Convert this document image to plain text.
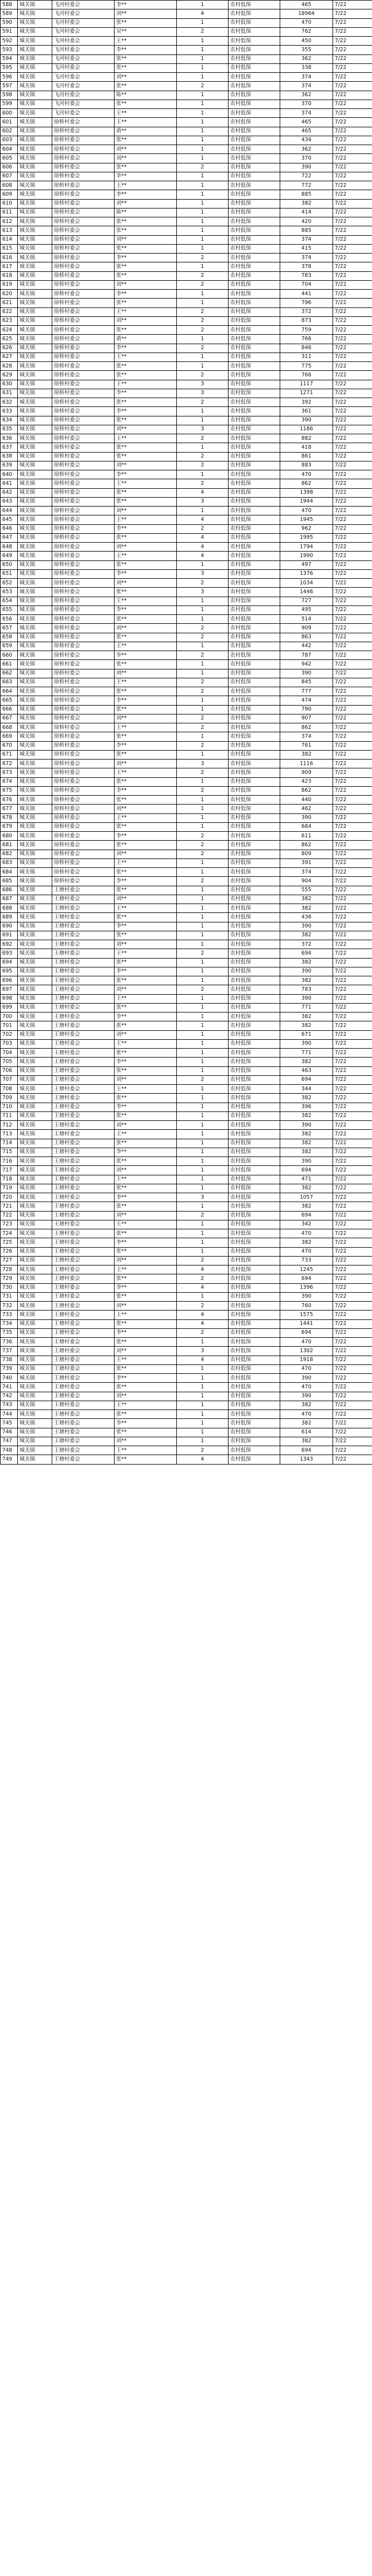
588	城关镇	飞河村委会	李**	1	农村低保	465	7/22
589	城关镇	飞河村委会	刘**	4	农村低保	18964	7/22
590	城关镇	飞河村委会	张**	1	农村低保	470	7/22
591	城关镇	飞河村委会	吴**	2	农村低保	762	7/22
592	城关镇	飞河村委会	王**	1	农村低保	450	7/22
593	城关镇	飞河村委会	李**	1	农村低保	355	7/22
594	城关镇	飞河村委会	张**	1	农村低保	362	7/22
595	城关镇	飞河村委会	张**	1	农村低保	338	7/22
596	城关镇	飞河村委会	刘**	1	农村低保	374	7/22
597	城关镇	飞河村委会	张**	2	农村低保	374	7/22
598	城关镇	飞河村委会	陈**	1	农村低保	362	7/22
599	城关镇	飞河村委会	张**	1	农村低保	370	7/22
600	城关镇	飞河村委会	王**	1	农村低保	374	7/22
601	城关镇	徐桥村委会	王**	1	农村低保	465	7/22
602	城关镇	徐桥村委会	黄**	1	农村低保	465	7/22
603	城关镇	徐桥村委会	张**	1	农村低保	434	7/22
604	城关镇	徐桥村委会	刘**	1	农村低保	362	7/22
605	城关镇	徐桥村委会	刘**	1	农村低保	370	7/22
606	城关镇	徐桥村委会	张**	2	农村低保	390	7/22
607	城关镇	徐桥村委会	李**	1	农村低保	722	7/22
608	城关镇	徐桥村委会	王**	1	农村低保	772	7/22
609	城关镇	徐桥村委会	李**	1	农村低保	885	7/22
610	城关镇	徐桥村委会	刘**	1	农村低保	382	7/22
611	城关镇	徐桥村委会	陈**	1	农村低保	414	7/22
612	城关镇	徐桥村委会	张**	1	农村低保	420	7/22
613	城关镇	徐桥村委会	张**	1	农村低保	885	7/22
614	城关镇	徐桥村委会	刘**	1	农村低保	374	7/22
615	城关镇	徐桥村委会	张**	1	农村低保	415	7/22
616	城关镇	徐桥村委会	李**	2	农村低保	374	7/22
617	城关镇	徐桥村委会	张**	1	农村低保	378	7/22
618	城关镇	徐桥村委会	张**	2	农村低保	783	7/22
619	城关镇	徐桥村委会	刘**	2	农村低保	704	7/22
620	城关镇	徐桥村委会	李**	1	农村低保	441	7/22
621	城关镇	徐桥村委会	张**	1	农村低保	796	7/22
622	城关镇	徐桥村委会	王**	2	农村低保	372	7/22
623	城关镇	徐桥村委会	刘**	2	农村低保	873	7/22
624	城关镇	徐桥村委会	张**	2	农村低保	759	7/22
625	城关镇	徐桥村委会	黄**	1	农村低保	766	7/22
626	城关镇	徐桥村委会	李**	2	农村低保	846	7/22
627	城关镇	徐桥村委会	王**	1	农村低保	311	7/22
628	城关镇	徐桥村委会	张**	1	农村低保	775	7/22
629	城关镇	徐桥村委会	张**	2	农村低保	766	7/22
630	城关镇	徐桥村委会	王**	3	农村低保	1117	7/22
631	城关镇	徐桥村委会	李**	3	农村低保	1271	7/22
632	城关镇	徐桥村委会	张**	2	农村低保	392	7/22
633	城关镇	徐桥村委会	李**	1	农村低保	361	7/22
634	城关镇	徐桥村委会	张**	1	农村低保	390	7/22
635	城关镇	徐桥村委会	刘**	3	农村低保	1186	7/22
636	城关镇	徐桥村委会	王**	2	农村低保	882	7/22
637	城关镇	徐桥村委会	张**	1	农村低保	418	7/22
638	城关镇	徐桥村委会	张**	2	农村低保	861	7/22
639	城关镇	徐桥村委会	刘**	2	农村低保	883	7/22
640	城关镇	徐桥村委会	李**	1	农村低保	470	7/22
641	城关镇	徐桥村委会	王**	2	农村低保	862	7/22
642	城关镇	徐桥村委会	张**	4	农村低保	1398	7/22
643	城关镇	徐桥村委会	张**	3	农村低保	1944	7/22
644	城关镇	徐桥村委会	刘**	1	农村低保	470	7/22
645	城关镇	徐桥村委会	王**	4	农村低保	1945	7/22
646	城关镇	徐桥村委会	李**	2	农村低保	962	7/22
647	城关镇	徐桥村委会	张**	4	农村低保	1995	7/22
648	城关镇	徐桥村委会	刘**	4	农村低保	1794	7/22
649	城关镇	徐桥村委会	王**	4	农村低保	1990	7/22
650	城关镇	徐桥村委会	张**	1	农村低保	497	7/22
651	城关镇	徐桥村委会	李**	3	农村低保	1376	7/22
652	城关镇	徐桥村委会	刘**	2	农村低保	1034	7/22
653	城关镇	徐桥村委会	张**	3	农村低保	1446	7/22
654	城关镇	徐桥村委会	王**	1	农村低保	727	7/22
655	城关镇	徐桥村委会	李**	1	农村低保	495	7/22
656	城关镇	徐桥村委会	张**	1	农村低保	514	7/22
657	城关镇	徐桥村委会	刘**	2	农村低保	909	7/22
658	城关镇	徐桥村委会	张**	2	农村低保	863	7/22
659	城关镇	徐桥村委会	王**	1	农村低保	442	7/22
660	城关镇	徐桥村委会	李**	2	农村低保	787	7/22
661	城关镇	徐桥村委会	张**	1	农村低保	942	7/22
662	城关镇	徐桥村委会	刘**	1	农村低保	390	7/22
663	城关镇	徐桥村委会	王**	2	农村低保	845	7/22
664	城关镇	徐桥村委会	张**	2	农村低保	777	7/22
665	城关镇	徐桥村委会	李**	1	农村低保	474	7/22
666	城关镇	徐桥村委会	张**	1	农村低保	790	7/22
667	城关镇	徐桥村委会	刘**	2	农村低保	907	7/22
668	城关镇	徐桥村委会	王**	2	农村低保	862	7/22
669	城关镇	徐桥村委会	张**	1	农村低保	374	7/22
670	城关镇	徐桥村委会	李**	2	农村低保	761	7/22
671	城关镇	徐桥村委会	张**	1	农村低保	382	7/22
672	城关镇	徐桥村委会	刘**	3	农村低保	1116	7/22
673	城关镇	徐桥村委会	王**	2	农村低保	909	7/22
674	城关镇	徐桥村委会	张**	1	农村低保	423	7/22
675	城关镇	徐桥村委会	李**	2	农村低保	862	7/22
676	城关镇	徐桥村委会	张**	1	农村低保	440	7/22
677	城关镇	徐桥村委会	刘**	1	农村低保	462	7/22
678	城关镇	徐桥村委会	王**	1	农村低保	390	7/22
679	城关镇	徐桥村委会	张**	1	农村低保	684	7/22
680	城关镇	徐桥村委会	李**	2	农村低保	611	7/22
681	城关镇	徐桥村委会	张**	2	农村低保	862	7/22
682	城关镇	徐桥村委会	刘**	2	农村低保	809	7/22
683	城关镇	徐桥村委会	王**	1	农村低保	391	7/22
684	城关镇	徐桥村委会	张**	1	农村低保	374	7/22
685	城关镇	徐桥村委会	李**	2	农村低保	904	7/22
686	城关镇	王塘村委会	张**	1	农村低保	555	7/22
687	城关镇	王塘村委会	刘**	1	农村低保	382	7/22
688	城关镇	王塘村委会	王**	1	农村低保	382	7/22
689	城关镇	王塘村委会	张**	1	农村低保	436	7/22
690	城关镇	王塘村委会	李**	1	农村低保	390	7/22
691	城关镇	王塘村委会	张**	1	农村低保	382	7/22
692	城关镇	王塘村委会	刘**	1	农村低保	372	7/22
693	城关镇	王塘村委会	王**	2	农村低保	694	7/22
694	城关镇	王塘村委会	张**	1	农村低保	382	7/22
695	城关镇	王塘村委会	李**	1	农村低保	390	7/22
696	城关镇	王塘村委会	张**	1	农村低保	382	7/22
697	城关镇	王塘村委会	刘**	2	农村低保	783	7/22
698	城关镇	王塘村委会	王**	1	农村低保	390	7/22
699	城关镇	王塘村委会	张**	1	农村低保	771	7/22
700	城关镇	王塘村委会	李**	1	农村低保	382	7/22
701	城关镇	王塘村委会	张**	1	农村低保	382	7/22
702	城关镇	王塘村委会	刘**	1	农村低保	671	7/22
703	城关镇	王塘村委会	王**	1	农村低保	390	7/22
704	城关镇	王塘村委会	张**	1	农村低保	771	7/22
705	城关镇	王塘村委会	李**	1	农村低保	382	7/22
706	城关镇	王塘村委会	张**	1	农村低保	463	7/22
707	城关镇	王塘村委会	刘**	2	农村低保	694	7/22
708	城关镇	王塘村委会	王**	1	农村低保	344	7/22
709	城关镇	王塘村委会	张**	1	农村低保	382	7/22
710	城关镇	王塘村委会	李**	1	农村低保	396	7/22
711	城关镇	王塘村委会	张**	1	农村低保	382	7/22
712	城关镇	王塘村委会	刘**	1	农村低保	390	7/22
713	城关镇	王塘村委会	王**	1	农村低保	382	7/22
714	城关镇	王塘村委会	张**	1	农村低保	382	7/22
715	城关镇	王塘村委会	李**	1	农村低保	382	7/22
716	城关镇	王塘村委会	张**	1	农村低保	390	7/22
717	城关镇	王塘村委会	刘**	1	农村低保	694	7/22
718	城关镇	王塘村委会	王**	1	农村低保	471	7/22
719	城关镇	王塘村委会	张**	1	农村低保	382	7/22
720	城关镇	王塘村委会	李**	3	农村低保	1057	7/22
721	城关镇	王塘村委会	张**	1	农村低保	382	7/22
722	城关镇	王塘村委会	刘**	2	农村低保	694	7/22
723	城关镇	王塘村委会	王**	1	农村低保	342	7/22
724	城关镇	王塘村委会	张**	1	农村低保	470	7/22
725	城关镇	王塘村委会	李**	1	农村低保	382	7/22
726	城关镇	王塘村委会	张**	1	农村低保	470	7/22
727	城关镇	王塘村委会	刘**	2	农村低保	733	7/22
728	城关镇	王塘村委会	王**	4	农村低保	1245	7/22
729	城关镇	王塘村委会	张**	2	农村低保	694	7/22
730	城关镇	王塘村委会	李**	4	农村低保	1396	7/22
731	城关镇	王塘村委会	张**	1	农村低保	390	7/22
732	城关镇	王塘村委会	刘**	2	农村低保	760	7/22
733	城关镇	王塘村委会	王**	4	农村低保	1575	7/22
734	城关镇	王塘村委会	张**	4	农村低保	1441	7/22
735	城关镇	王塘村委会	李**	2	农村低保	694	7/22
736	城关镇	王塘村委会	张**	1	农村低保	470	7/22
737	城关镇	王塘村委会	刘**	3	农村低保	1302	7/22
738	城关镇	王塘村委会	王**	4	农村低保	1918	7/22
739	城关镇	王塘村委会	张**	1	农村低保	470	7/22
740	城关镇	王塘村委会	李**	1	农村低保	390	7/22
741	城关镇	王塘村委会	张**	1	农村低保	470	7/22
742	城关镇	王塘村委会	刘**	1	农村低保	390	7/22
743	城关镇	王塘村委会	王**	1	农村低保	382	7/22
744	城关镇	王塘村委会	张**	1	农村低保	470	7/22
745	城关镇	王塘村委会	李**	1	农村低保	382	7/22
746	城关镇	王塘村委会	张**	1	农村低保	614	7/22
747	城关镇	王塘村委会	刘**	1	农村低保	382	7/22
748	城关镇	王塘村委会	王**	2	农村低保	694	7/22
749	城关镇	王塘村委会	张**	4	农村低保	1343	7/22
